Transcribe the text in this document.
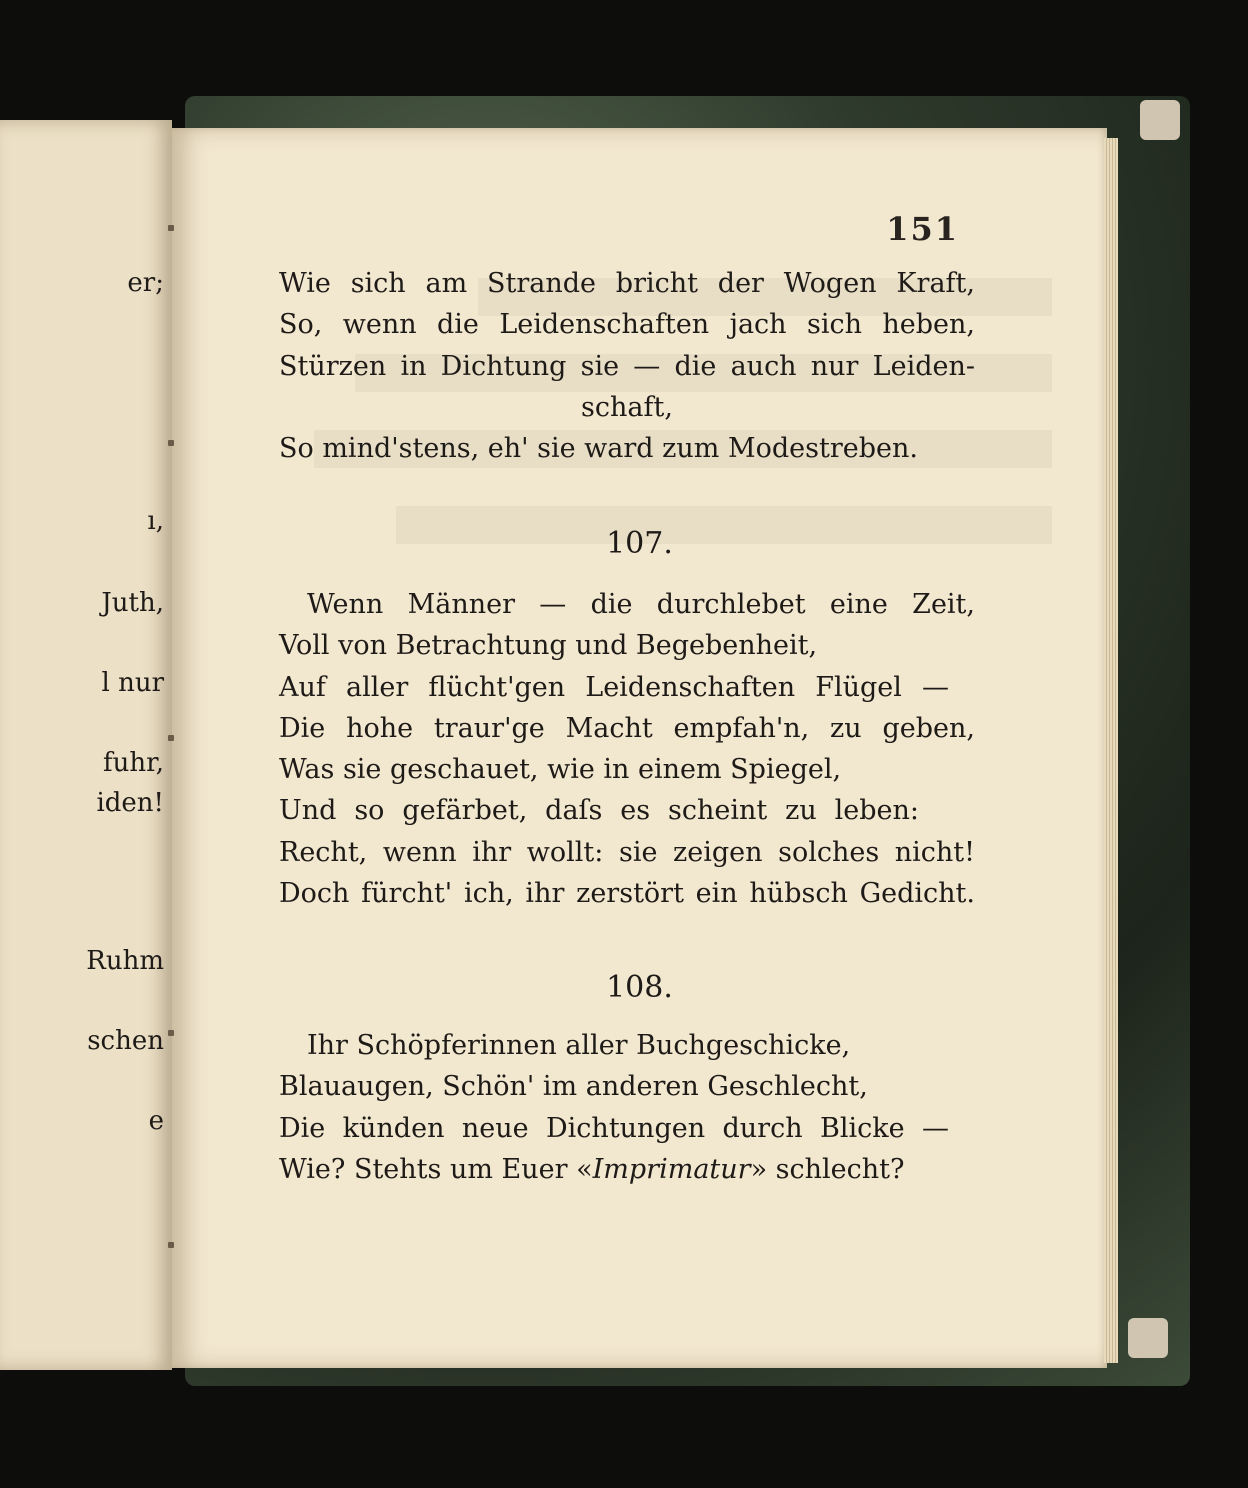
er;
ı,
Juth,
l nur
fuhr,
iden!
Ruhm
schen
e
151
Wie sich am Strande bricht der Wogen Kraft,
So, wenn die Leidenschaften jach sich heben,
Stürzen in Dichtung sie — die auch nur Leiden-
schaft,
So mind'stens, eh' sie ward zum Modestreben.
107.
Wenn Männer — die durchlebet eine Zeit,
Voll von Betrachtung und Begebenheit,
Auf aller flücht'gen Leidenschaften Flügel —
Die hohe traur'ge Macht empfah'n, zu geben,
Was sie geschauet, wie in einem Spiegel,
Und so gefärbet, daſs es scheint zu leben:
Recht, wenn ihr wollt: sie zeigen solches nicht!
Doch fürcht' ich, ihr zerstört ein hübsch Gedicht.
108.
Ihr Schöpferinnen aller Buchgeschicke,
Blauaugen, Schön' im anderen Geschlecht,
Die künden neue Dichtungen durch Blicke —
Wie? Stehts um Euer «Imprimatur» schlecht?
